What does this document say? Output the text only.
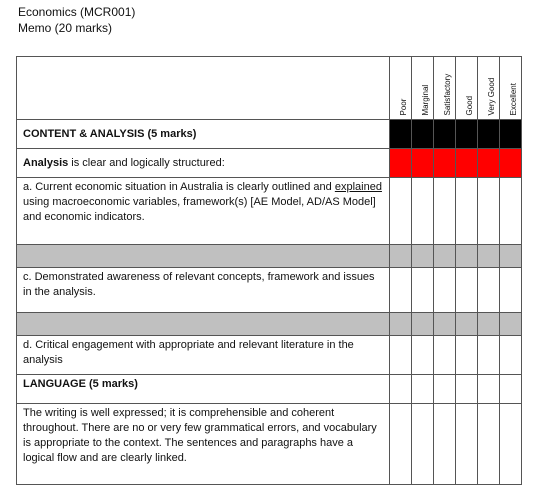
Economics (MCR001)
Memo (20 marks)

	Poor	Marginal	Satisfactory	Good	Very Good	Excellent

CONTENT & ANALYSIS (5 marks)						
Analysis is clear and logically structured:						
a. Current economic situation in Australia is clearly outlined and explained using macroeconomic variables, framework(s) [AE Model, AD/AS Model] and economic indicators.						

c. Demonstrated awareness of relevant concepts, framework and issues in the analysis.						

d. Critical engagement with appropriate and relevant literature in the analysis						
LANGUAGE (5 marks)						
The writing is well expressed; it is comprehensible and coherent throughout. There are no or very few grammatical errors, and vocabulary is appropriate to the context. The sentences and paragraphs have a logical flow and are clearly linked.						
